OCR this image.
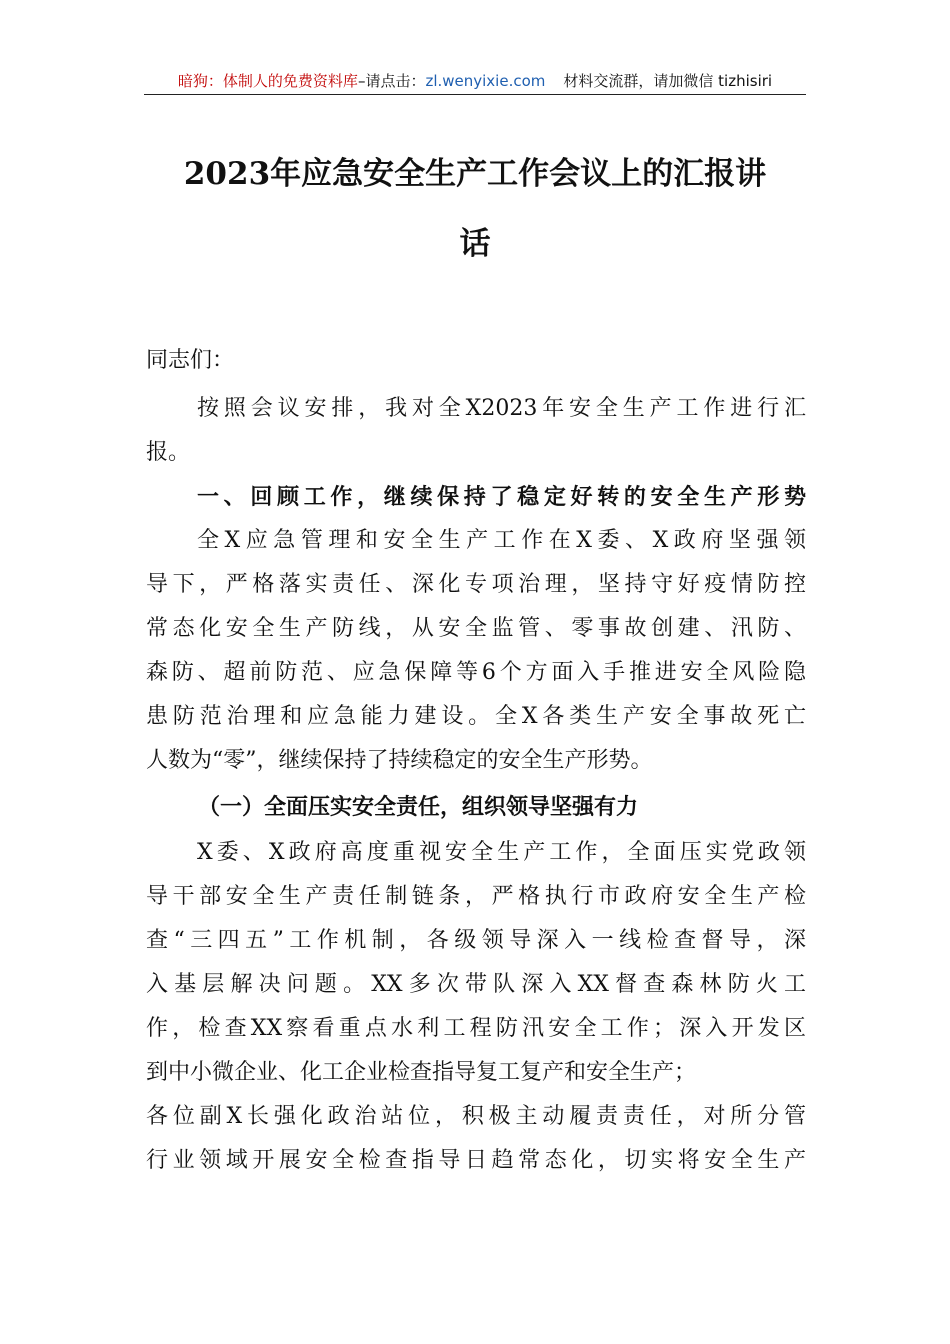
暗狗：体制人的免费资料库–请点击：zl.wenyixie.com 材料交流群，请加微信 tizhisiri
2023年应急安全生产工作会议上的汇报讲
话
同志们：
按照会议安排，我对全X2023年安全生产工作进行汇
报。
一、回顾工作，继续保持了稳定好转的安全生产形势
全X应急管理和安全生产工作在X委、X政府坚强领
导下，严格落实责任、深化专项治理，坚持守好疫情防控
常态化安全生产防线，从安全监管、零事故创建、汛防、
森防、超前防范、应急保障等6个方面入手推进安全风险隐
患防范治理和应急能力建设。全X各类生产安全事故死亡
人数为“零”，继续保持了持续稳定的安全生产形势。
（一）全面压实安全责任，组织领导坚强有力
X委、X政府高度重视安全生产工作，全面压实党政领
导干部安全生产责任制链条，严格执行市政府安全生产检
查“三四五”工作机制，各级领导深入一线检查督导，深
入基层解决问题。XX多次带队深入XX督查森林防火工
作，检查XX察看重点水利工程防汛安全工作；深入开发区
到中小微企业、化工企业检查指导复工复产和安全生产；
各位副X长强化政治站位，积极主动履责责任，对所分管
行业领域开展安全检查指导日趋常态化，切实将安全生产
